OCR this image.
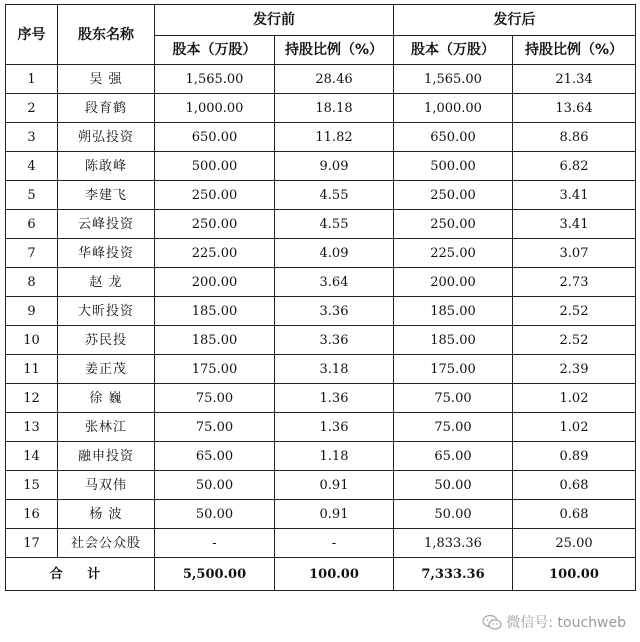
序号	股东名称	发行前		发行后	
		股本（万股）	持股比例（%）	股本（万股）	持股比例（%）
1	吴 强	1,565.00	28.46	1,565.00	21.34
2	段育鹤	1,000.00	18.18	1,000.00	13.64
3	朔弘投资	650.00	11.82	650.00	8.86
4	陈敢峰	500.00	9.09	500.00	6.82
5	李建飞	250.00	4.55	250.00	3.41
6	云峰投资	250.00	4.55	250.00	3.41
7	华峰投资	225.00	4.09	225.00	3.07
8	赵 龙	200.00	3.64	200.00	2.73
9	大昕投资	185.00	3.36	185.00	2.52
10	苏民投	185.00	3.36	185.00	2.52
11	姜正茂	175.00	3.18	175.00	2.39
12	徐 巍	75.00	1.36	75.00	1.02
13	张林江	75.00	1.36	75.00	1.02
14	融申投资	65.00	1.18	65.00	0.89
15	马双伟	50.00	0.91	50.00	0.68
16	杨 波	50.00	0.91	50.00	0.68
17	社会公众股	-	-	1,833.36	25.00
合 计		5,500.00	100.00	7,333.36	100.00
微信号: touchweb
